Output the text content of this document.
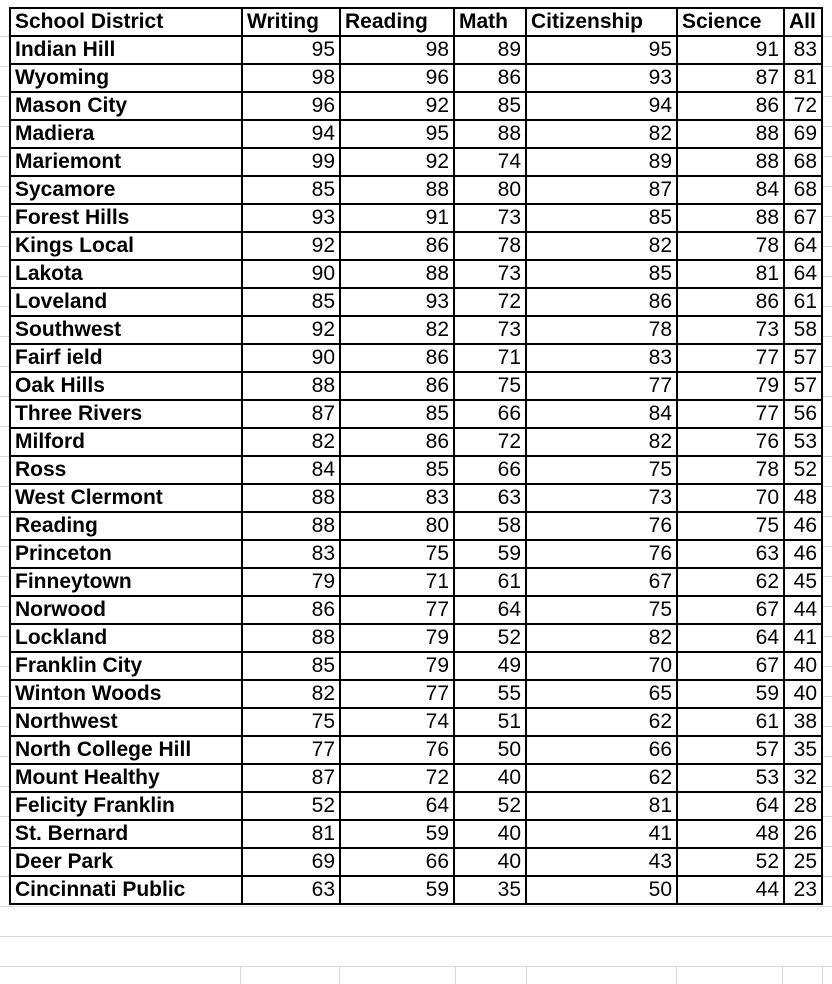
School District	Writing	Reading	Math	Citizenship	Science	All
Indian Hill	95	98	89	95	91	83
Wyoming	98	96	86	93	87	81
Mason City	96	92	85	94	86	72
Madiera	94	95	88	82	88	69
Mariemont	99	92	74	89	88	68
Sycamore	85	88	80	87	84	68
Forest Hills	93	91	73	85	88	67
Kings Local	92	86	78	82	78	64
Lakota	90	88	73	85	81	64
Loveland	85	93	72	86	86	61
Southwest	92	82	73	78	73	58
Fairf ield	90	86	71	83	77	57
Oak Hills	88	86	75	77	79	57
Three Rivers	87	85	66	84	77	56
Milford	82	86	72	82	76	53
Ross	84	85	66	75	78	52
West Clermont	88	83	63	73	70	48
Reading	88	80	58	76	75	46
Princeton	83	75	59	76	63	46
Finneytown	79	71	61	67	62	45
Norwood	86	77	64	75	67	44
Lockland	88	79	52	82	64	41
Franklin City	85	79	49	70	67	40
Winton Woods	82	77	55	65	59	40
Northwest	75	74	51	62	61	38
North College Hill	77	76	50	66	57	35
Mount Healthy	87	72	40	62	53	32
Felicity Franklin	52	64	52	81	64	28
St. Bernard	81	59	40	41	48	26
Deer Park	69	66	40	43	52	25
Cincinnati Public	63	59	35	50	44	23
